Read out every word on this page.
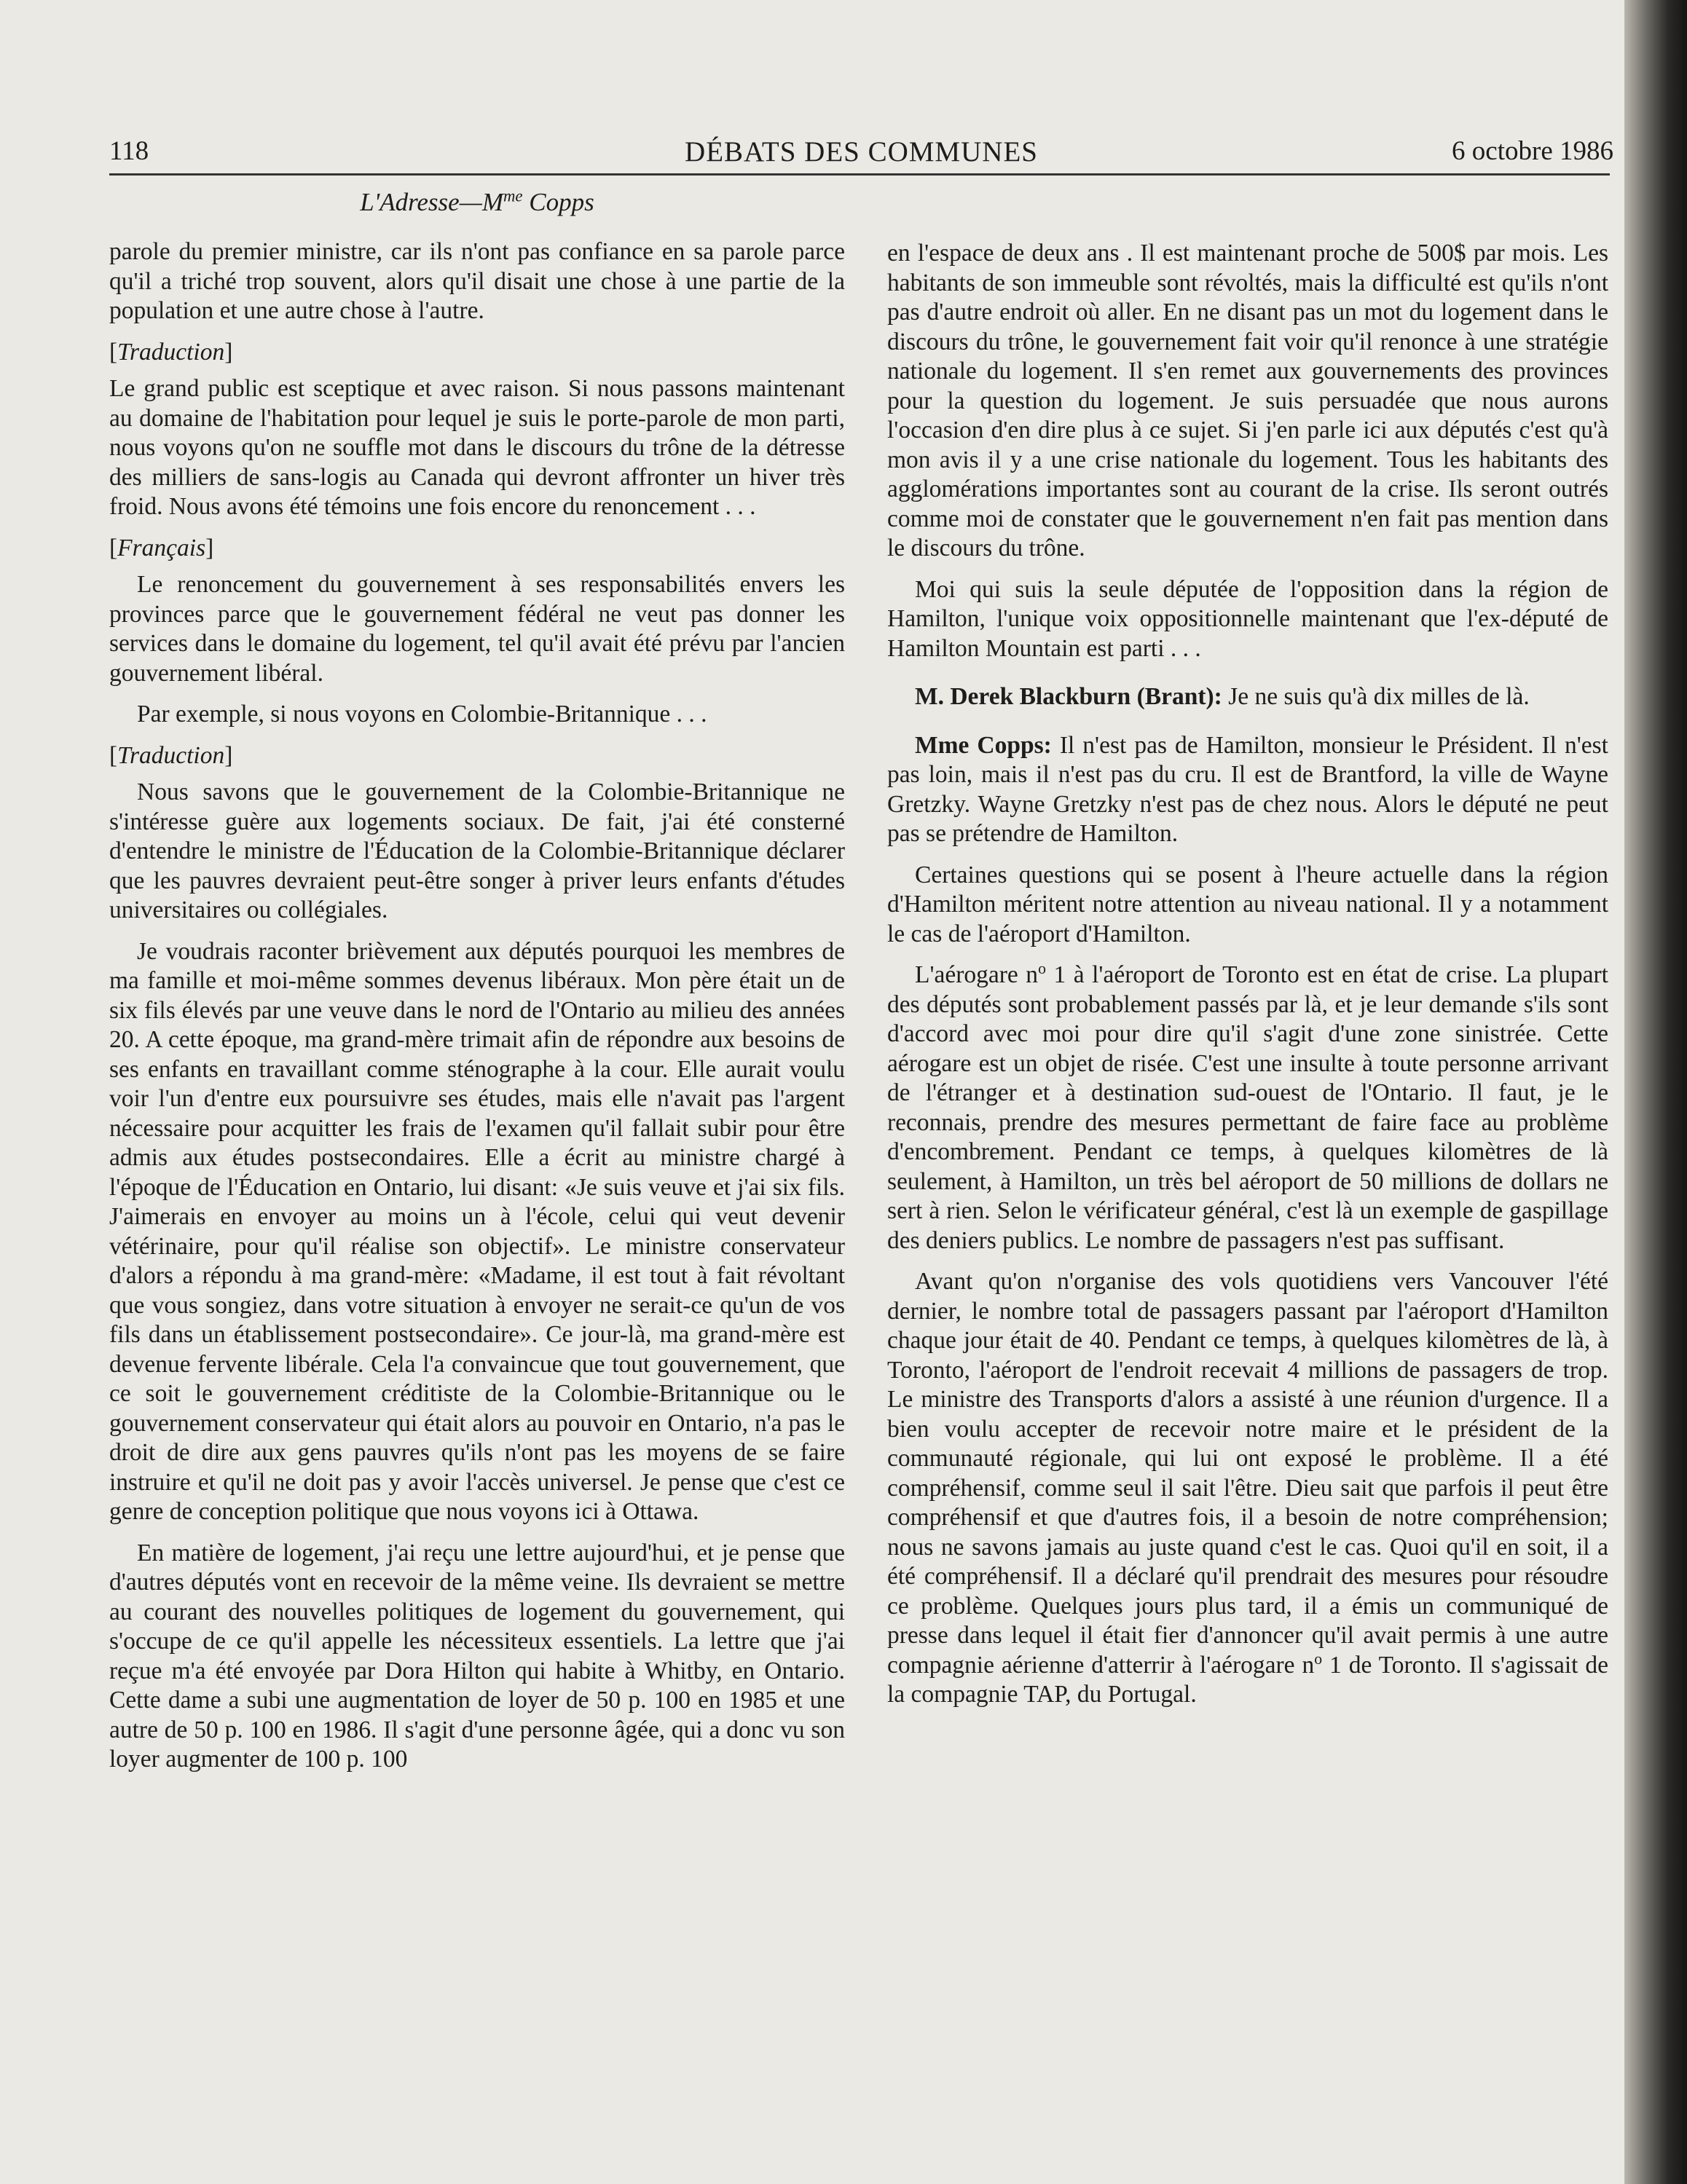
118	DÉBATS DES COMMUNES	6 octobre 1986
$L'Adresse—M^{me}$ Copps

parole du premier ministre, car ils n'ont pas confiance en sa parole parce qu'il a triché trop souvent, alors qu'il disait une chose à une partie de la population et une autre chose à l'autre.

[Traduction]

Le grand public est sceptique et avec raison. Si nous passons maintenant au domaine de l'habitation pour lequel je suis le porte-parole de mon parti, nous voyons qu'on ne souffle mot dans le discours du trône de la détresse des milliers de sans-logis au Canada qui devront affronter un hiver très froid. Nous avons été témoins une fois encore du renoncement . . .

[Français]

Le renoncement du gouvernement à ses responsabilités envers les provinces parce que le gouvernement fédéral ne veut pas donner les services dans le domaine du logement, tel qu'il avait été prévu par l'ancien gouvernement libéral.

Par exemple, si nous voyons en Colombie-Britannique . . .

[Traduction]

Nous savons que le gouvernement de la Colombie-Britannique ne s'intéresse guère aux logements sociaux. De fait, j'ai été consterné d'entendre le ministre de l'Éducation de la Colombie-Britannique déclarer que les pauvres devraient peut-être songer à priver leurs enfants d'études universitaires ou collégiales.

Je voudrais raconter brièvement aux députés pourquoi les membres de ma famille et moi-même sommes devenus libéraux. Mon père était un de six fils élevés par une veuve dans le nord de l'Ontario au milieu des années 20. A cette époque, ma grand-mère trimait afin de répondre aux besoins de ses enfants en travaillant comme sténographe à la cour. Elle aurait voulu voir l'un d'entre eux poursuivre ses études, mais elle n'avait pas l'argent nécessaire pour acquitter les frais de l'examen qu'il fallait subir pour être admis aux études postsecondaires. Elle a écrit au ministre chargé à l'époque de l'Éducation en Ontario, lui disant: «Je suis veuve et j'ai six fils. J'aimerais en envoyer au moins un à l'école, celui qui veut devenir vétérinaire, pour qu'il réalise son objectif». Le ministre conservateur d'alors a répondu à ma grand-mère: «Madame, il est tout à fait révoltant que vous songiez, dans votre situation à envoyer ne serait-ce qu'un de vos fils dans un établissement postsecondaire». Ce jour-là, ma grand-mère est devenue fervente libérale. Cela l'a convaincue que tout gouvernement, que ce soit le gouvernement créditiste de la Colombie-Britannique ou le gouvernement conservateur qui était alors au pouvoir en Ontario, n'a pas le droit de dire aux gens pauvres qu'ils n'ont pas les moyens de se faire instruire et qu'il ne doit pas y avoir l'accès universel. Je pense que c'est ce genre de conception politique que nous voyons ici à Ottawa.

En matière de logement, j'ai reçu une lettre aujourd'hui, et je pense que d'autres députés vont en recevoir de la même veine. Ils devraient se mettre au courant des nouvelles politiques de logement du gouvernement, qui s'occupe de ce qu'il appelle les nécessiteux essentiels. La lettre que j'ai reçue m'a été envoyée par Dora Hilton qui habite à Whitby, en Ontario. Cette dame a subi une augmentation de loyer de 50 p. 100 en 1985 et une autre de 50 p. 100 en 1986. Il s'agit d'une personne âgée, qui a donc vu son loyer augmenter de 100 p. 100

en l'espace de deux ans . Il est maintenant proche de 500$ par mois. Les habitants de son immeuble sont révoltés, mais la difficulté est qu'ils n'ont pas d'autre endroit où aller. En ne disant pas un mot du logement dans le discours du trône, le gouvernement fait voir qu'il renonce à une stratégie nationale du logement. Il s'en remet aux gouvernements des provinces pour la question du logement. Je suis persuadée que nous aurons l'occasion d'en dire plus à ce sujet. Si j'en parle ici aux députés c'est qu'à mon avis il y a une crise nationale du logement. Tous les habitants des agglomérations importantes sont au courant de la crise. Ils seront outrés comme moi de constater que le gouvernement n'en fait pas mention dans le discours du trône.

Moi qui suis la seule députée de l'opposition dans la région de Hamilton, l'unique voix oppositionnelle maintenant que l'ex-député de Hamilton Mountain est parti . . .

M. Derek Blackburn (Brant): Je ne suis qu'à dix milles de là.

Mme Copps: Il n'est pas de Hamilton, monsieur le Président. Il n'est pas loin, mais il n'est pas du cru. Il est de Brantford, la ville de Wayne Gretzky. Wayne Gretzky n'est pas de chez nous. Alors le député ne peut pas se prétendre de Hamilton.

Certaines questions qui se posent à l'heure actuelle dans la région d'Hamilton méritent notre attention au niveau national. Il y a notamment le cas de l'aéroport d'Hamilton.

L'aérogare $n^o$ 1 à l'aéroport de Toronto est en état de crise. La plupart des députés sont probablement passés par là, et je leur demande s'ils sont d'accord avec moi pour dire qu'il s'agit d'une zone sinistrée. Cette aérogare est un objet de risée. C'est une insulte à toute personne arrivant de l'étranger et à destination sud-ouest de l'Ontario. Il faut, je le reconnais, prendre des mesures permettant de faire face au problème d'encombrement. Pendant ce temps, à quelques kilomètres de là seulement, à Hamilton, un très bel aéroport de 50 millions de dollars ne sert à rien. Selon le vérificateur général, c'est là un exemple de gaspillage des deniers publics. Le nombre de passagers n'est pas suffisant.

Avant qu'on n'organise des vols quotidiens vers Vancouver l'été dernier, le nombre total de passagers passant par l'aéroport d'Hamilton chaque jour était de 40. Pendant ce temps, à quelques kilomètres de là, à Toronto, l'aéroport de l'endroit recevait 4 millions de passagers de trop. Le ministre des Transports d'alors a assisté à une réunion d'urgence. Il a bien voulu accepter de recevoir notre maire et le président de la communauté régionale, qui lui ont exposé le problème. Il a été compréhensif, comme seul il sait l'être. Dieu sait que parfois il peut être compréhensif et que d'autres fois, il a besoin de notre compréhension; nous ne savons jamais au juste quand c'est le cas. Quoi qu'il en soit, il a été compréhensif. Il a déclaré qu'il prendrait des mesures pour résoudre ce problème. Quelques jours plus tard, il a émis un communiqué de presse dans lequel il était fier d'annoncer qu'il avait permis à une autre compagnie aérienne d'atterrir à l'aérogare $n^o$ 1 de Toronto. Il s'agissait de la compagnie TAP, du Portugal.
